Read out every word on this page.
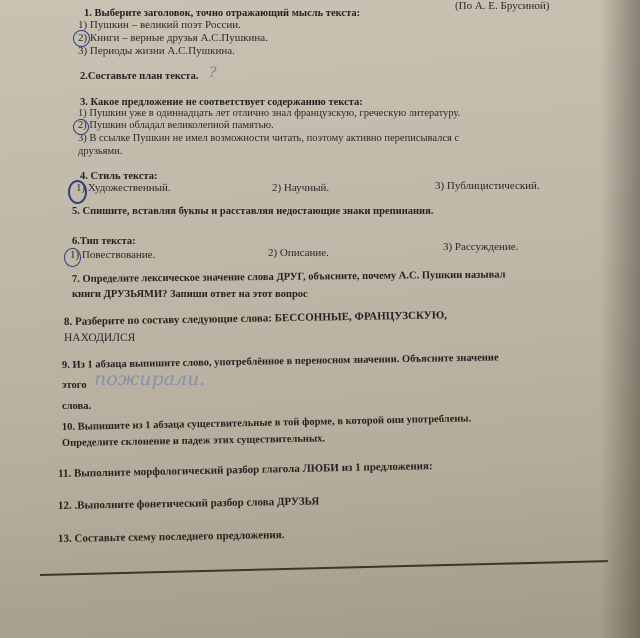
(По А. Е. Брусиной)
1. Выберите заголовок, точно отражающий мысль текста:
1) Пушкин – великий поэт России.
2) Книги – верные друзья А.С.Пушкина.
3) Периоды жизни А.С.Пушкина.
2.Составьте план текста. ?
3. Какое предложение не соответствует содержанию текста:
1) Пушкин уже в одиннадцать лет отлично знал французскую, греческую литературу.
2) Пушкин обладал великолепной памятью.
3) В ссылке Пушкин не имел возможности читать, поэтому активно переписывался с
друзьями.
4. Стиль текста:
1) Художественный.	2) Научный.	3) Публицистический.
5. Спишите, вставляя буквы и расставляя недостающие знаки препинания.
6.Тип текста:
1) Повествование.	2) Описание.	3) Рассуждение.
7. Определите лексическое значение слова ДРУГ, объясните, почему А.С. Пушкин называл
книги ДРУЗЬЯМИ? Запиши ответ на этот вопрос
8. Разберите по составу следующие слова: БЕССОННЫЕ, ФРАНЦУЗСКУЮ,
НАХОДИЛСЯ
9. Из 1 абзаца выпишите слово, употреблённое в переносном значении. Объясните значение
этого пожирали.
слова.
10. Выпишите из 1 абзаца существительные в той форме, в которой они употреблены.
Определите склонение и падеж этих существительных.
11. Выполните морфологический разбор глагола ЛЮБИ из 1 предложения:
12. .Выполните фонетический разбор слова ДРУЗЬЯ
13. Составьте схему последнего предложения.
